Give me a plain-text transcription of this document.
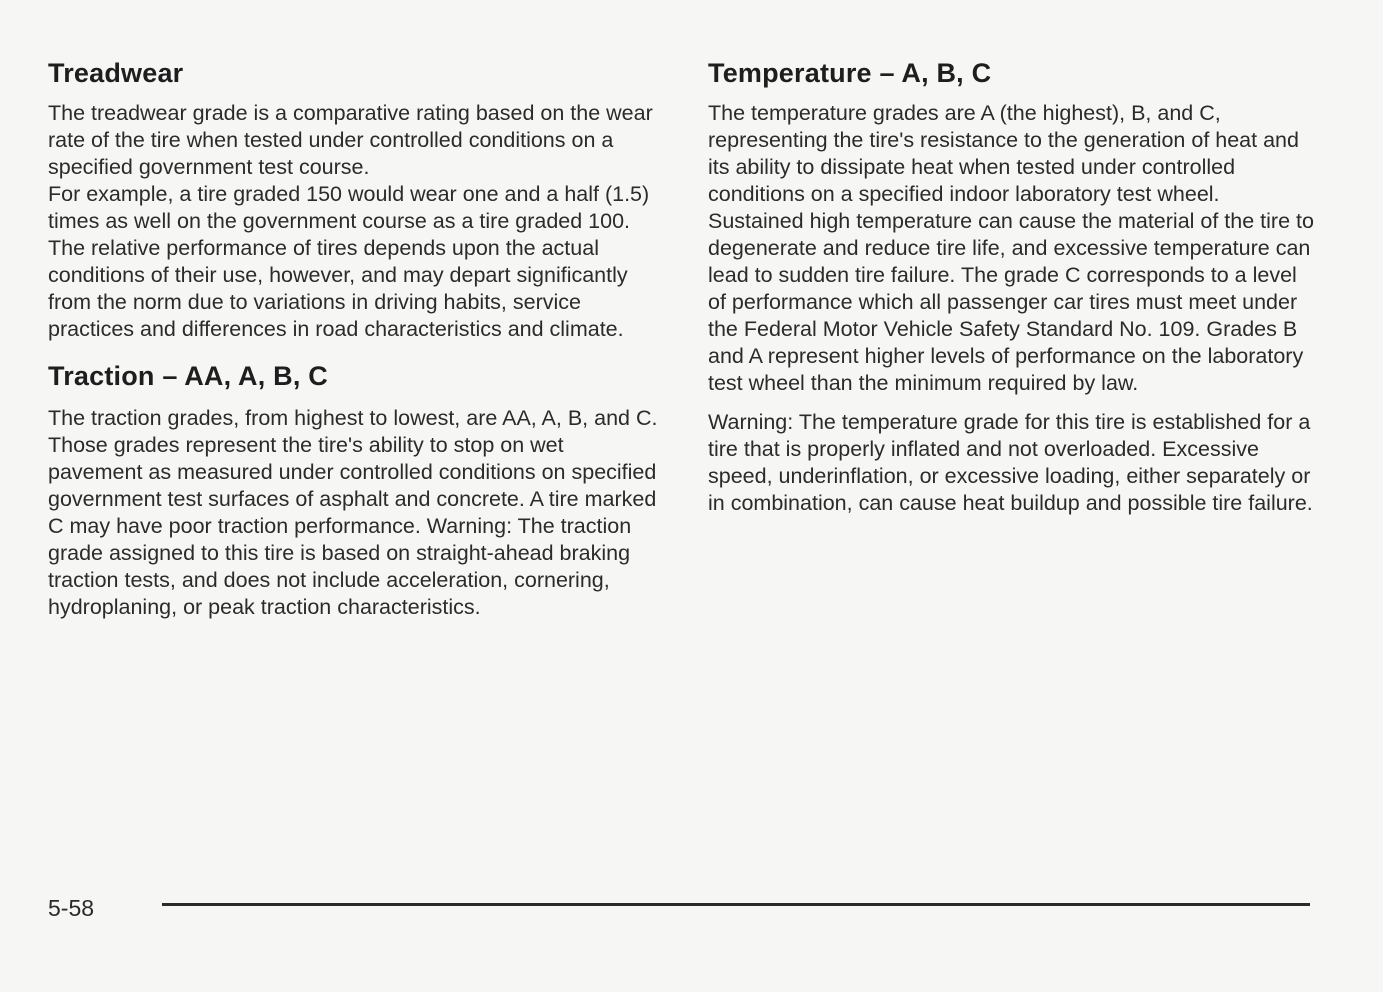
Treadwear

The treadwear grade is a comparative rating based on the wear rate of the tire when tested under controlled conditions on a specified government test course.

For example, a tire graded 150 would wear one and a half (1.5) times as well on the government course as a tire graded 100. The relative performance of tires depends upon the actual conditions of their use, however, and may depart significantly from the norm due to variations in driving habits, service practices and differences in road characteristics and climate.

Traction – AA, A, B, C

The traction grades, from highest to lowest, are AA, A, B, and C. Those grades represent the tire's ability to stop on wet pavement as measured under controlled conditions on specified government test surfaces of asphalt and concrete. A tire marked C may have poor traction performance. Warning: The traction grade assigned to this tire is based on straight-ahead braking traction tests, and does not include acceleration, cornering, hydroplaning, or peak traction characteristics.

Temperature – A, B, C

The temperature grades are A (the highest), B, and C, representing the tire's resistance to the generation of heat and its ability to dissipate heat when tested under controlled conditions on a specified indoor laboratory test wheel. Sustained high temperature can cause the material of the tire to degenerate and reduce tire life, and excessive temperature can lead to sudden tire failure. The grade C corresponds to a level of performance which all passenger car tires must meet under the Federal Motor Vehicle Safety Standard No. 109. Grades B and A represent higher levels of performance on the laboratory test wheel than the minimum required by law.

Warning: The temperature grade for this tire is established for a tire that is properly inflated and not overloaded. Excessive speed, underinflation, or excessive loading, either separately or in combination, can cause heat buildup and possible tire failure.

5-58
